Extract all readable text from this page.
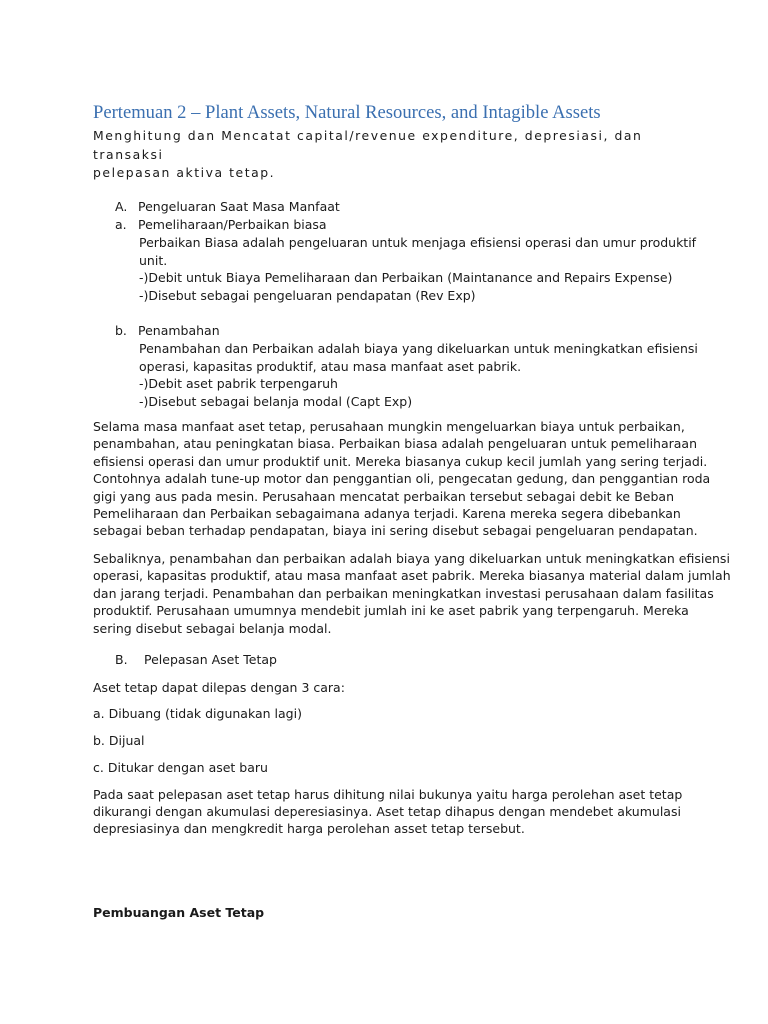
Pertemuan 2 – Plant Assets, Natural Resources, and Intagible Assets
Menghitung dan Mencatat capital/revenue expenditure, depresiasi, dan transaksi
pelepasan aktiva tetap.
A. Pengeluaran Saat Masa Manfaat
a. Pemeliharaan/Perbaikan biasa
Perbaikan Biasa adalah pengeluaran untuk menjaga efisiensi operasi dan umur produktif
unit.
-)Debit untuk Biaya Pemeliharaan dan Perbaikan (Maintanance and Repairs Expense)
-)Disebut sebagai pengeluaran pendapatan (Rev Exp)
b. Penambahan
Penambahan dan Perbaikan adalah biaya yang dikeluarkan untuk meningkatkan efisiensi
operasi, kapasitas produktif, atau masa manfaat aset pabrik.
-)Debit aset pabrik terpengaruh
-)Disebut sebagai belanja modal (Capt Exp)
Selama masa manfaat aset tetap, perusahaan mungkin mengeluarkan biaya untuk perbaikan,
penambahan, atau peningkatan biasa. Perbaikan biasa adalah pengeluaran untuk pemeliharaan
efisiensi operasi dan umur produktif unit. Mereka biasanya cukup kecil jumlah yang sering terjadi.
Contohnya adalah tune-up motor dan penggantian oli, pengecatan gedung, dan penggantian roda
gigi yang aus pada mesin. Perusahaan mencatat perbaikan tersebut sebagai debit ke Beban
Pemeliharaan dan Perbaikan sebagaimana adanya terjadi. Karena mereka segera dibebankan
sebagai beban terhadap pendapatan, biaya ini sering disebut sebagai pengeluaran pendapatan.
Sebaliknya, penambahan dan perbaikan adalah biaya yang dikeluarkan untuk meningkatkan efisiensi
operasi, kapasitas produktif, atau masa manfaat aset pabrik. Mereka biasanya material dalam jumlah
dan jarang terjadi. Penambahan dan perbaikan meningkatkan investasi perusahaan dalam fasilitas
produktif. Perusahaan umumnya mendebit jumlah ini ke aset pabrik yang terpengaruh. Mereka
sering disebut sebagai belanja modal.
B. Pelepasan Aset Tetap
Aset tetap dapat dilepas dengan 3 cara:
a. Dibuang (tidak digunakan lagi)
b. Dijual
c. Ditukar dengan aset baru
Pada saat pelepasan aset tetap harus dihitung nilai bukunya yaitu harga perolehan aset tetap
dikurangi dengan akumulasi deperesiasinya. Aset tetap dihapus dengan mendebet akumulasi
depresiasinya dan mengkredit harga perolehan asset tetap tersebut.
Pembuangan Aset Tetap
